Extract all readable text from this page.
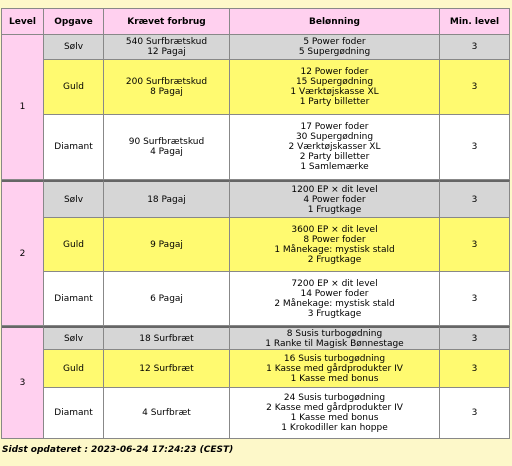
Level	Opgave	Krævet forbrug	Belønning	Min. level
1	Sølv	540 Surfbrætskud
12 Pagaj	5 Power foder
5 Supergødning	3
	Guld	200 Surfbrætskud
8 Pagaj	12 Power foder
15 Supergødning
1 Værktøjskasse XL
1 Party billetter	3
	Diamant	90 Surfbrætskud
4 Pagaj	17 Power foder
30 Supergødning
2 Værktøjskasser XL
2 Party billetter
1 Samlemærke	3
2	Sølv	18 Pagaj	1200 EP × dit level
4 Power foder
1 Frugtkage	3
	Guld	9 Pagaj	3600 EP × dit level
8 Power foder
1 Månekage: mystisk stald
2 Frugtkage	3
	Diamant	6 Pagaj	7200 EP × dit level
14 Power foder
2 Månekage: mystisk stald
3 Frugtkage	3
3	Sølv	18 Surfbræt	8 Susis turbogødning
1 Ranke til Magisk Bønnestage	3
	Guld	12 Surfbræt	16 Susis turbogødning
1 Kasse med gårdprodukter IV
1 Kasse med bonus	3
	Diamant	4 Surfbræt	24 Susis turbogødning
2 Kasse med gårdprodukter IV
1 Kasse med bonus
1 Krokodiller kan hoppe	3
Sidst opdateret : 2023-06-24 17:24:23 (CEST)
